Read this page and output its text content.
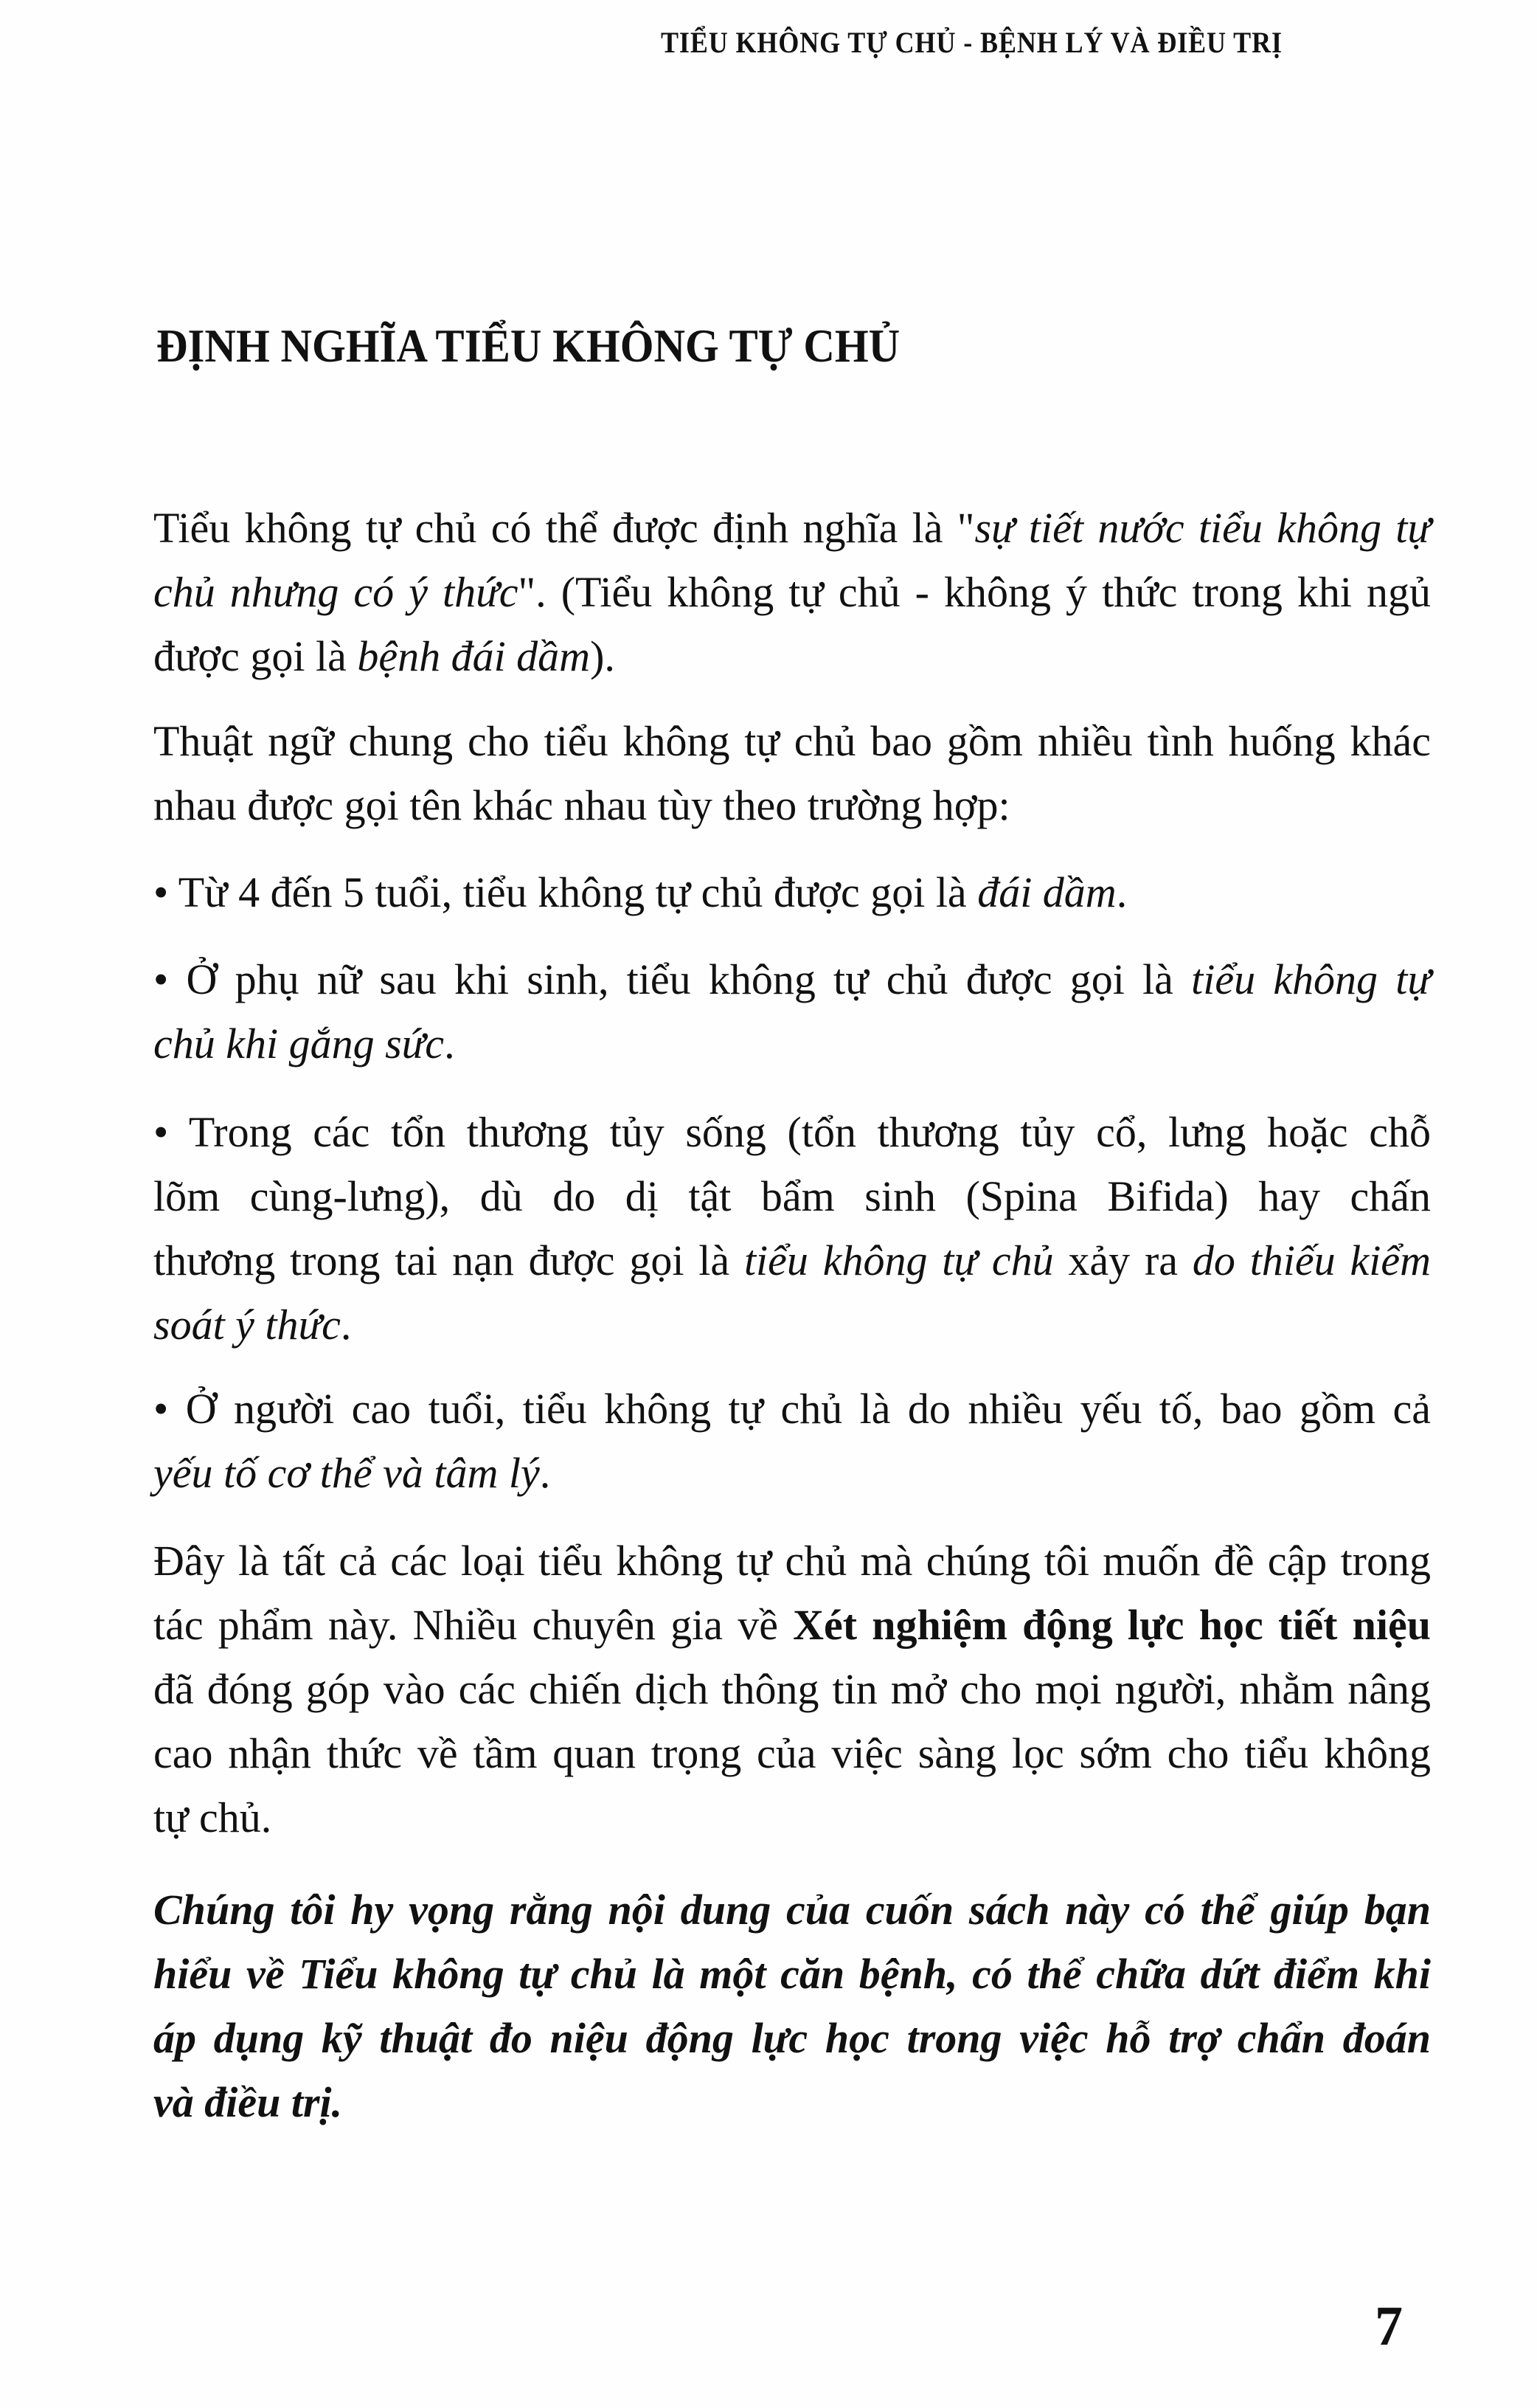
TIỂU KHÔNG TỰ CHỦ - BỆNH LÝ VÀ ĐIỀU TRỊ
ĐỊNH NGHĨA TIỂU KHÔNG TỰ CHỦ
Tiểu không tự chủ có thể được định nghĩa là "sự tiết nước tiểu không tự
chủ nhưng có ý thức". (Tiểu không tự chủ - không ý thức trong khi ngủ
được gọi là bệnh đái dầm).
Thuật ngữ chung cho tiểu không tự chủ bao gồm nhiều tình huống khác
nhau được gọi tên khác nhau tùy theo trường hợp:
• Từ 4 đến 5 tuổi, tiểu không tự chủ được gọi là đái dầm.
• Ở phụ nữ sau khi sinh, tiểu không tự chủ được gọi là tiểu không tự
chủ khi gắng sức.
• Trong các tổn thương tủy sống (tổn thương tủy cổ, lưng hoặc chỗ
lõm cùng-lưng), dù do dị tật bẩm sinh (Spina Bifida) hay chấn
thương trong tai nạn được gọi là tiểu không tự chủ xảy ra do thiếu kiểm
soát ý thức.
• Ở người cao tuổi, tiểu không tự chủ là do nhiều yếu tố, bao gồm cả
yếu tố cơ thể và tâm lý.
Đây là tất cả các loại tiểu không tự chủ mà chúng tôi muốn đề cập trong
tác phẩm này. Nhiều chuyên gia về Xét nghiệm động lực học tiết niệu
đã đóng góp vào các chiến dịch thông tin mở cho mọi người, nhằm nâng
cao nhận thức về tầm quan trọng của việc sàng lọc sớm cho tiểu không
tự chủ.
Chúng tôi hy vọng rằng nội dung của cuốn sách này có thể giúp bạn
hiểu về Tiểu không tự chủ là một căn bệnh, có thể chữa dứt điểm khi
áp dụng kỹ thuật đo niệu động lực học trong việc hỗ trợ chẩn đoán
và điều trị.
7
